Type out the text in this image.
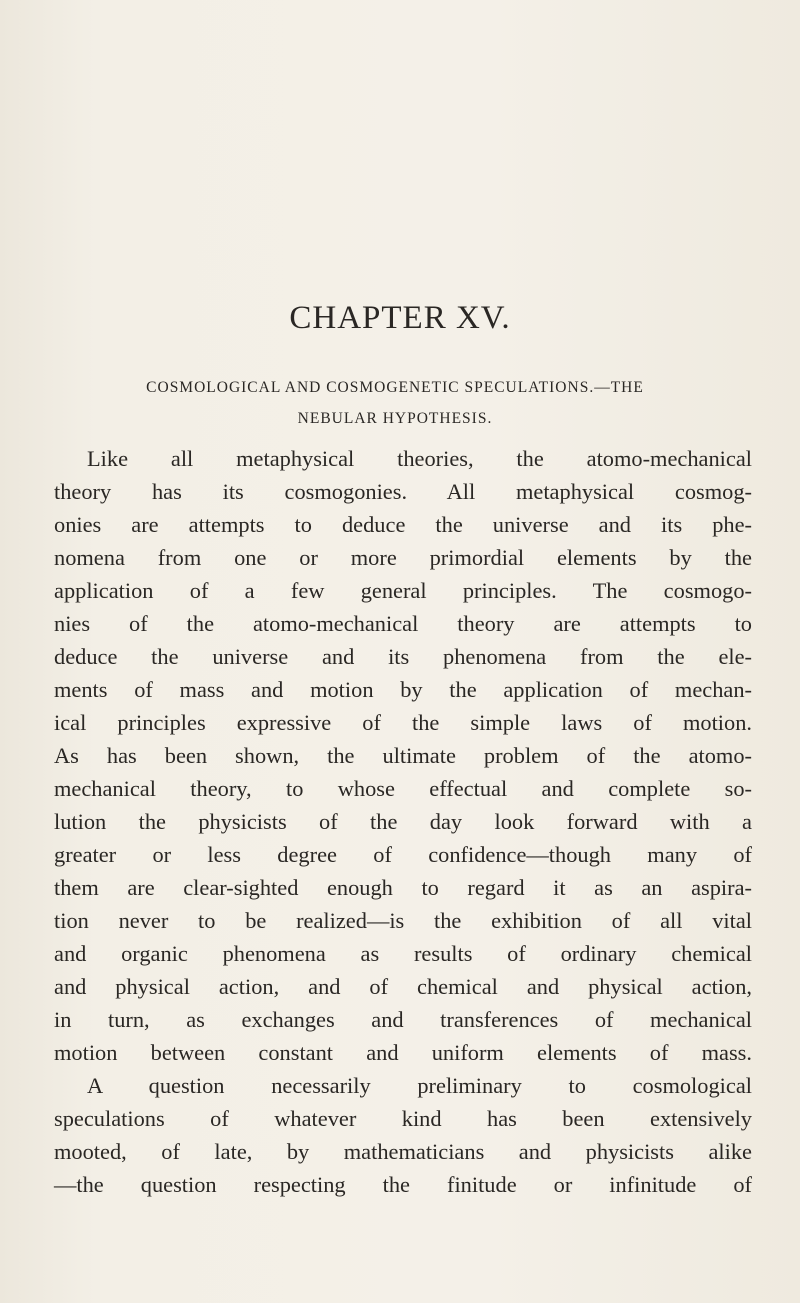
CHAPTER XV.
COSMOLOGICAL AND COSMOGENETIC SPECULATIONS.—THE
NEBULAR HYPOTHESIS.
Like all metaphysical theories, the atomo-mechanical
theory has its cosmogonies. All metaphysical cosmog-
onies are attempts to deduce the universe and its phe-
nomena from one or more primordial elements by the
application of a few general principles. The cosmogo-
nies of the atomo-mechanical theory are attempts to
deduce the universe and its phenomena from the ele-
ments of mass and motion by the application of mechan-
ical principles expressive of the simple laws of motion.
As has been shown, the ultimate problem of the atomo-
mechanical theory, to whose effectual and complete so-
lution the physicists of the day look forward with a
greater or less degree of confidence—though many of
them are clear-sighted enough to regard it as an aspira-
tion never to be realized—is the exhibition of all vital
and organic phenomena as results of ordinary chemical
and physical action, and of chemical and physical action,
in turn, as exchanges and transferences of mechanical
motion between constant and uniform elements of mass.
A question necessarily preliminary to cosmological
speculations of whatever kind has been extensively
mooted, of late, by mathematicians and physicists alike
—the question respecting the finitude or infinitude of
